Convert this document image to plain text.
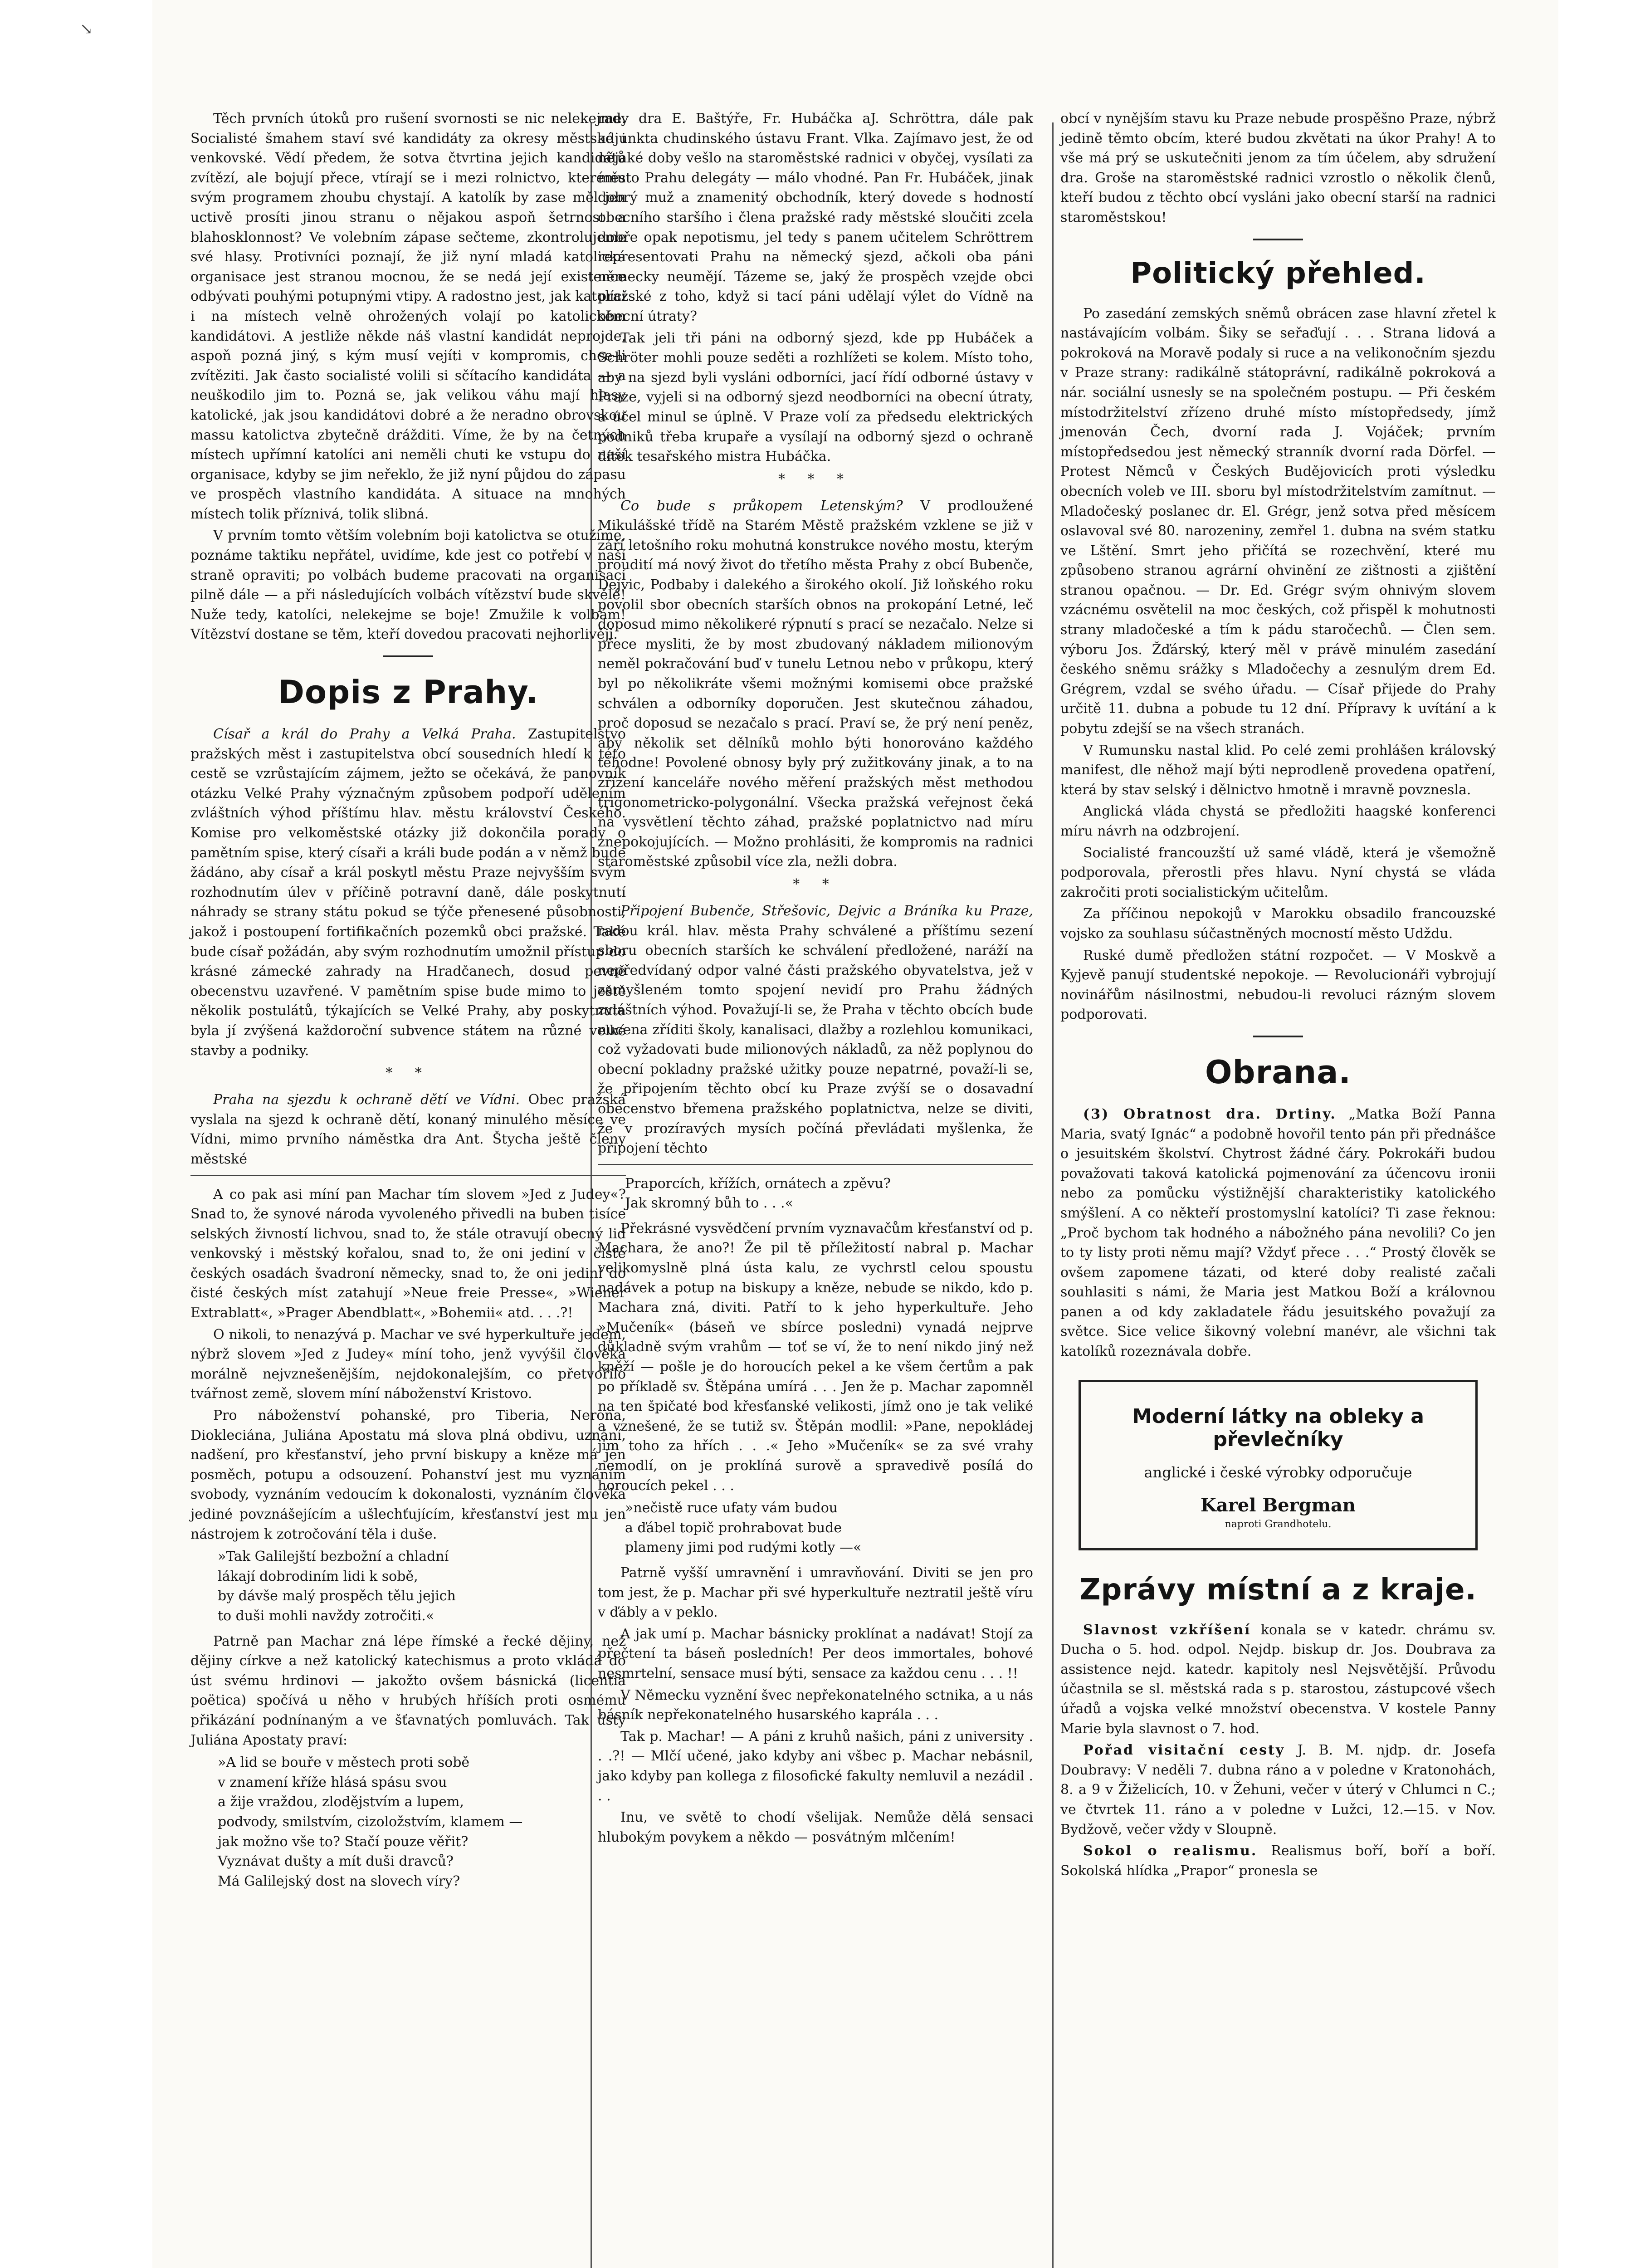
↘

Těch prvních útoků pro rušení svornosti se nic nelekejme. Socialisté šmahem staví své kandidáty za okresy městské i venkovské. Vědí předem, že sotva čtvrtina jejich kandidátů zvítězí, ale bojují přece, vtírají se i mezi rolnictvo, kterému svým programem zhoubu chystají. A katolík by zase měl jen uctivě prosíti jinou stranu o nějakou aspoň šetrnost a blahosklonnost? Ve volebním zápase sečteme, zkontrolujeme své hlasy. Protivníci poznají, že již nyní mladá katolická organisace jest stranou mocnou, že se nedá její existence odbývati pouhými potupnými vtipy. A radostno jest, jak katolíci i na místech velně ohrožených volají po katolickém kandidátovi. A jestliže někde náš vlastní kandidát neprojde, aspoň pozná jiný, s kým musí vejíti v kompromis, chce-li zvítěziti. Jak často socialisté volili si sčítacího kandidáta — a neuškodilo jim to. Pozná se, jak velikou váhu mají hlasy katolické, jak jsou kandidátovi dobré a že neradno obrovskou massu katolictva zbytečně drážditi. Víme, že by na četných místech upřímní katolíci ani neměli chuti ke vstupu do naší organisace, kdyby se jim neřeklo, že již nyní půjdou do zápasu ve prospěch vlastního kandidáta. A situace na mnohých místech tolik příznivá, tolik slibná.

V prvním tomto větším volebním boji katolictva se otužíme, poznáme taktiku nepřátel, uvidíme, kde jest co potřebí v naší straně opraviti; po volbách budeme pracovati na organisaci pilně dále — a při následujících volbách vítězství bude skvělé! Nuže tedy, katolíci, nelekejme se boje! Zmužile k volbám! Vítězství dostane se těm, kteří dovedou pracovati nejhorlivěji.

Dopis z Prahy.

Císař a král do Prahy a Velká Praha. Zastupitelstvo pražských měst i zastupitelstva obcí sousedních hledí k této cestě se vzrůstajícím zájmem, ježto se očekává, že panovník otázku Velké Prahy význačným způsobem podpoří udělením zvláštních výhod příštímu hlav. městu království Českého. Komise pro velkoměstské otázky již dokončila porady o pamětním spise, který císaři a králi bude podán a v němž bude žádáno, aby císař a král poskytl městu Praze nejvyšším svým rozhodnutím úlev v příčině potravní daně, dále poskytnutí náhrady se strany státu pokud se týče přenesené působnosti, jakož i postoupení fortifikačních pozemků obci pražské. Také bude císař požádán, aby svým rozhodnutím umožnil přístup do krásné zámecké zahrady na Hradčanech, dosud pevně obecenstvu uzavřené. V pamětním spise bude mimo to ještě několik postulátů, týkajících se Velké Prahy, aby poskytnuta byla jí zvýšená každoroční subvence státem na různé velké stavby a podniky.

* *

Praha na sjezdu k ochraně dětí ve Vídni. Obec pražská vyslala na sjezd k ochraně dětí, konaný minulého měsíce ve Vídni, mimo prvního náměstka dra Ant. Štycha ještě členy městské

A co pak asi míní pan Machar tím slovem »Jed z Judey«? Snad to, že synové národa vyvoleného přivedli na buben tisíce selských živností lichvou, snad to, že stále otravují obecný lid venkovský i městský kořalou, snad to, že oni jediní v čisté českých osadách švadroní německy, snad to, že oni jediní do čisté českých míst zatahují »Neue freie Presse«, »Wiener Extrablatt«, »Prager Abendblatt«, »Bohemii« atd. . . .?!

O nikoli, to nenazývá p. Machar ve své hyperkultuře jedem, nýbrž slovem »Jed z Judey« míní toho, jenž vyvýšil člověka morálně nejvznešenějším, nejdokonalejším, co přetvořilo tvářnost země, slovem míní náboženství Kristovo.

Pro náboženství pohanské, pro Tiberia, Nerona, Diokleciána, Juliána Apostatu má slova plná obdivu, uznání, nadšení, pro křesťanství, jeho první biskupy a kněze má jen posměch, potupu a odsouzení. Pohanství jest mu vyznáním svobody, vyznáním vedoucím k dokonalosti, vyznáním člověka jediné povznášejícím a ušlechťujícím, křesťanství jest mu jen nástrojem k zotročování těla i duše.

»Tak Galilejští bezbožní a chladní
lákají dobrodiním lidi k sobě,
by dávše malý prospěch tělu jejich
to duši mohli navždy zotročiti.«

Patrně pan Machar zná lépe římské a řecké dějiny, než dějiny církve a než katolický katechismus a proto vkládá do úst svému hrdinovi — jakožto ovšem básnická (licentia poëtica) spočívá u něho v hrubých hříších proti osmému přikázání podnínaným a ve šťavnatých pomluvách. Tak ústy Juliána Apostaty praví:

»A lid se bouře v městech proti sobě
v znamení kříže hlásá spásu svou
a žije vraždou, zlodějstvím a lupem,
podvody, smilstvím, cizoložstvím, klamem —
jak možno vše to? Stačí pouze věřit?
Vyznávat dušty a mít duši dravců?
Má Galilejský dost na slovech víry?

rady dra E. Baštýře, Fr. Hubáčka aJ. Schröttra, dále pak adjunkta chudinského ústavu Frant. Vlka. Zajímavo jest, že od nějaké doby vešlo na staroměstské radnici v obyčej, vysílati za město Prahu delegáty — málo vhodné. Pan Fr. Hubáček, jinak dobrý muž a znamenitý obchodník, který dovede s hodností obecního staršího i člena pražské rady městské sloučiti zcela dobře opak nepotismu, jel tedy s panem učitelem Schröttrem representovati Prahu na německý sjezd, ačkoli oba páni německy neumějí. Tázeme se, jaký že prospěch vzejde obci pražské z toho, když si tací páni udělají výlet do Vídně na obecní útraty?

Tak jeli tři páni na odborný sjezd, kde pp Hubáček a Schröter mohli pouze seděti a rozhlížeti se kolem. Místo toho, aby na sjezd byli vysláni odborníci, jací řídí odborné ústavy v Praze, vyjeli si na odborný sjezd neodborníci na obecní útraty, a účel minul se úplně. V Praze volí za předsedu elektrických podniků třeba krupaře a vysílají na odborný sjezd o ochraně dítek tesařského mistra Hubáčka.

* * *

Co bude s průkopem Letenským? V prodloužené Mikulášské třídě na Starém Městě pražském vzklene se již v září letošního roku mohutná konstrukce nového mostu, kterým proudití má nový život do třetího města Prahy z obcí Bubenče, Dejvic, Podbaby i dalekého a širokého okolí. Již loňského roku povolil sbor obecních starších obnos na prokopání Letné, leč doposud mimo několikeré rýpnutí s prací se nezačalo. Nelze si přece mysliti, že by most zbudovaný nákladem milionovým neměl pokračování buď v tunelu Letnou nebo v průkopu, který byl po několikráte všemi možnými komisemi obce pražské schválen a odborníky doporučen. Jest skutečnou záhadou, proč doposud se nezačalo s prací. Praví se, že prý není peněz, aby několik set dělníků mohlo býti honorováno každého téhodne! Povolené obnosy byly prý zužitkovány jinak, a to na zřízení kanceláře nového měření pražských měst methodou trigonometricko-polygonální. Všecka pražská veřejnost čeká na vysvětlení těchto záhad, pražské poplatnictvo nad míru znepokojujících. — Možno prohlásiti, že kompromis na radnici staroměstské způsobil více zla, nežli dobra.

* *

Připojení Bubenče, Střešovic, Dejvic a Bráníka ku Praze, radou král. hlav. města Prahy schválené a příštímu sezení sboru obecních starších ke schválení předložené, naráží na nepředvídaný odpor valné části pražského obyvatelstva, jež v zamyšleném tomto spojení nevidí pro Prahu žádných zvláštních výhod. Považují-li se, že Praha v těchto obcích bude nucena zříditi školy, kanalisaci, dlažby a rozlehlou komunikaci, což vyžadovati bude milionových nákladů, za něž poplynou do obecní pokladny pražské užitky pouze nepatrné, považí-li se, že připojením těchto obcí ku Praze zvýší se o dosavadní obecenstvo břemena pražského poplatnictva, nelze se diviti, že v prozíravých mysích počíná převládati myšlenka, že připojení těchto

Praporcích, křížích, ornátech a zpěvu?
Jak skromný bůh to . . .«

Překrásné vysvědčení prvním vyznavačům křesťanství od p. Machara, že ano?! Že pil tě příležitostí nabral p. Machar velikomyslně plná ústa kalu, ze vychrstl celou spoustu nadávek a potup na biskupy a kněze, nebude se nikdo, kdo p. Machara zná, diviti. Patří to k jeho hyperkultuře. Jeho »Mučeník« (báseň ve sbírce posledni) vynadá nejprve důkladně svým vrahům — toť se ví, že to není nikdo jiný než kněží — pošle je do horoucích pekel a ke všem čertům a pak po příkladě sv. Štěpána umírá . . . Jen že p. Machar zapomněl na ten špičaté bod křesťanské velikosti, jímž ono je tak veliké a vznešené, že se tutiž sv. Štěpán modlil: »Pane, nepokládej jim toho za hřích . . .« Jeho »Mučeník« se za své vrahy nemodlí, on je proklíná surově a spravedivě posílá do horoucích pekel . . .

»nečistě ruce ufaty vám budou
a ďábel topič prohrabovat bude
plameny jimi pod rudými kotly —«

Patrně vyšší umravnění i umravňování. Diviti se jen pro tom jest, že p. Machar při své hyperkultuře neztratil ještě víru v ďábly a v peklo.

A jak umí p. Machar básnicky proklínat a nadávat! Stojí za přečtení ta báseň posledních! Per deos immortales, bohové nesmrtelní, sensace musí býti, sensace za každou cenu . . . !!

V Německu vyznění švec nepřekonatelného sctnika, a u nás básník nepřekonatelného husarského kaprála . . .

Tak p. Machar! — A páni z kruhů našich, páni z university . . .?! — Mlčí učené, jako kdyby ani všbec p. Machar nebásnil, jako kdyby pan kollega z filosofické fakulty nemluvil a nezádil . . .

Inu, ve světě to chodí všelijak. Nemůže dělá sensaci hlubokým povykem a někdo — posvátným mlčením!

obcí v nynějším stavu ku Praze nebude prospěšno Praze, nýbrž jedině těmto obcím, které budou zkvětati na úkor Prahy! A to vše má prý se uskutečniti jenom za tím účelem, aby sdružení dra. Groše na staroměstské radnici vzrostlo o několik členů, kteří budou z těchto obcí vysláni jako obecní starší na radnici staroměstskou!

Politický přehled.

Po zasedání zemských sněmů obrácen zase hlavní zřetel k nastávajícím volbám. Šiky se seřaďují . . . Strana lidová a pokroková na Moravě podaly si ruce a na velikonočním sjezdu v Praze strany: radikálně státoprávní, radikálně pokroková a nár. sociální usnesly se na společném postupu. — Při českém místodržitelství zřízeno druhé místo místopředsedy, jímž jmenován Čech, dvorní rada J. Vojáček; prvním místopředsedou jest německý stranník dvorní rada Dörfel. — Protest Němců v Českých Budějovicích proti výsledku obecních voleb ve III. sboru byl místodržitelstvím zamítnut. — Mladočeský poslanec dr. El. Grégr, jenž sotva před měsícem oslavoval své 80. narozeniny, zemřel 1. dubna na svém statku ve Lštění. Smrt jeho přičítá se rozechvění, které mu způsobeno stranou agrární ohvinění ze zištnosti a zjištění stranou opačnou. — Dr. Ed. Grégr svým ohnivým slovem vzácnému osvětelil na moc českých, což přispěl k mohutnosti strany mladočeské a tím k pádu staročechů. — Člen sem. výboru Jos. Žďárský, který měl v právě minulém zasedání českého sněmu srážky s Mladočechy a zesnulým drem Ed. Grégrem, vzdal se svého úřadu. — Císař přijede do Prahy určitě 11. dubna a pobude tu 12 dní. Přípravy k uvítání a k pobytu zdejší se na všech stranách.

V Rumunsku nastal klid. Po celé zemi prohlášen královský manifest, dle něhož mají býti neprodleně provedena opatření, která by stav selský i dělnictvo hmotně i mravně povznesla.

Anglická vláda chystá se předložiti haagské konferenci míru návrh na odzbrojení.

Socialisté francouzští už samé vládě, která je všemožně podporovala, přerostli přes hlavu. Nyní chystá se vláda zakročiti proti socialistickým učitelům.

Za příčinou nepokojů v Marokku obsadilo francouzské vojsko za souhlasu súčastněných mocností město Udždu.

Ruské dumě předložen státní rozpočet. — V Moskvě a Kyjevě panují studentské nepokoje. — Revolucionáři vybrojují novinářům násilnostmi, nebudou-li revoluci rázným slovem podporovati.

Obrana.

(3) Obratnost dra. Drtiny. „Matka Boží Panna Maria, svatý Ignác“ a podobně hovořil tento pán při přednášce o jesuitském školství. Chytrost žádné čáry. Pokrokáři budou považovati taková katolická pojmenování za účencovu ironii nebo za pomůcku výstižnější charakteristiky katolického smýšlení. A co někteří prostomyslní katolíci? Ti zase řeknou: „Proč bychom tak hodného a nábožného pána nevolili? Co jen to ty listy proti němu mají? Vždyť přece . . .“ Prostý člověk se ovšem zapomene tázati, od které doby realisté začali souhlasiti s námi, že Maria jest Matkou Boží a královnou panen a od kdy zakladatele řádu jesuitského považují za světce. Sice velice šikovný volební manévr, ale všichni tak katolíků rozeznávala dobře.

Moderní látky na obleky a převlečníky
anglické i české výrobky odporučuje
Karel Bergman
naproti Grandhotelu.
Zprávy místní a z kraje.

Slavnost vzkříšení konala se v katedr. chrámu sv. Ducha o 5. hod. odpol. Nejdp. biskup dr. Jos. Doubrava za assistence nejd. katedr. kapitoly nesl Nejsvětější. Průvodu účastnila se sl. městská rada s p. starostou, zástupcové všech úřadů a vojska velké množství obecenstva. V kostele Panny Marie byla slavnost o 7. hod.

Pořad visitační cesty J. B. M. njdp. dr. Josefa Doubravy: V neděli 7. dubna ráno a v poledne v Kratonohách, 8. a 9 v Žiželicích, 10. v Žehuni, večer v úterý v Chlumci n C.; ve čtvrtek 11. ráno a v poledne v Lužci, 12.—15. v Nov. Bydžově, večer vždy v Sloupně.

Sokol o realismu. Realismus boří, boří a boří. Sokolská hlídka „Prapor“ pronesla se
